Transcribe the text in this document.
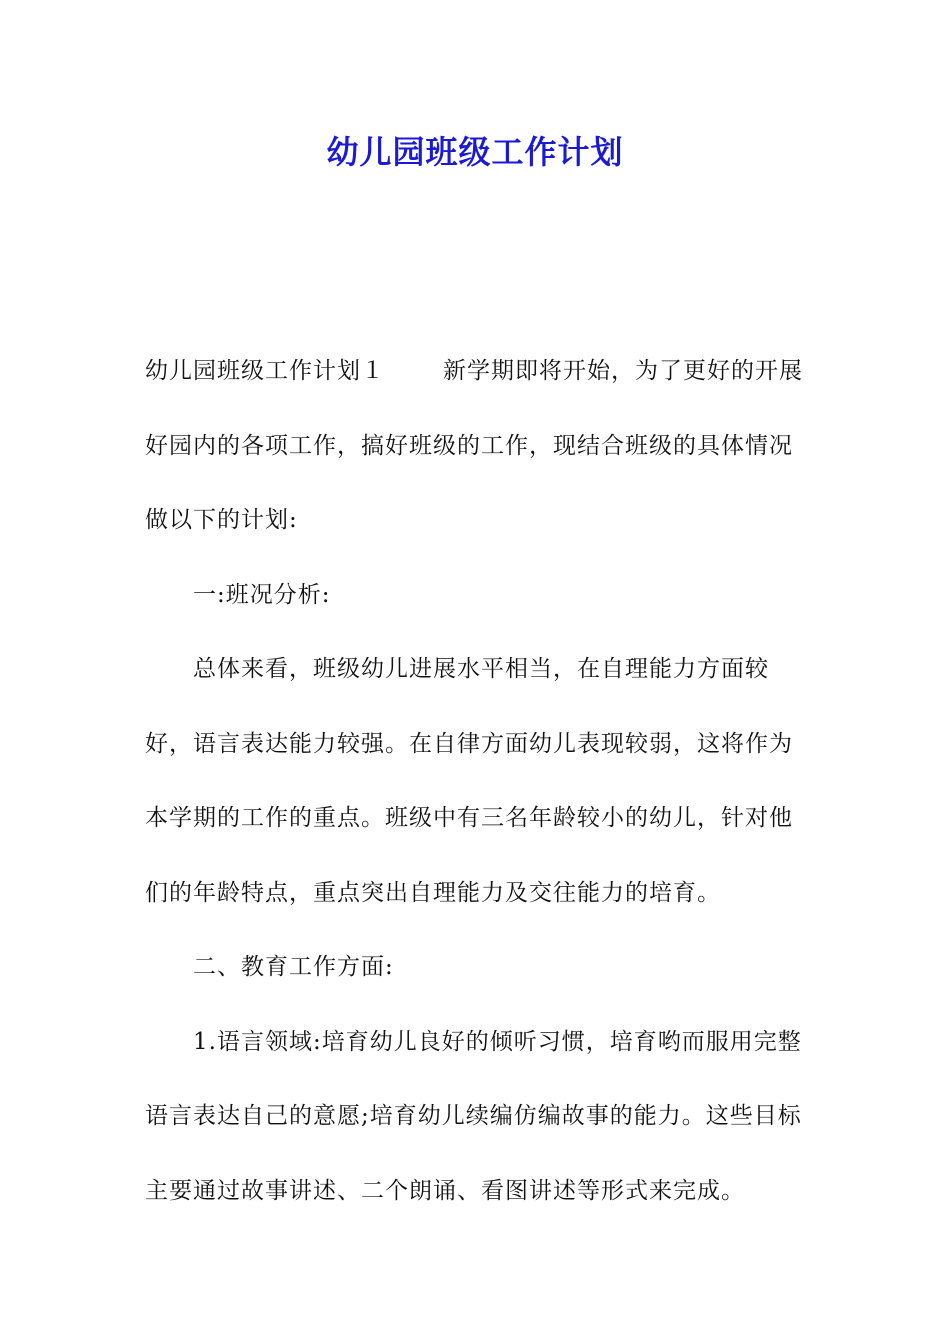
幼儿园班级工作计划

幼儿园班级工作计划１	新学期即将开始，为了更好的开展好园内的各项工作，搞好班级的工作，现结合班级的具体情况做以下的计划:

一:班况分析:

总体来看，班级幼儿进展水平相当，在自理能力方面较好，语言表达能力较强。在自律方面幼儿表现较弱，这将作为本学期的工作的重点。班级中有三名年龄较小的幼儿，针对他们的年龄特点，重点突出自理能力及交往能力的培育。

二、教育工作方面:

1.语言领域:培育幼儿良好的倾听习惯，培育哟而服用完整语言表达自己的意愿;培育幼儿续编仿编故事的能力。这些目标主要通过故事讲述、二个朗诵、看图讲述等形式来完成。
